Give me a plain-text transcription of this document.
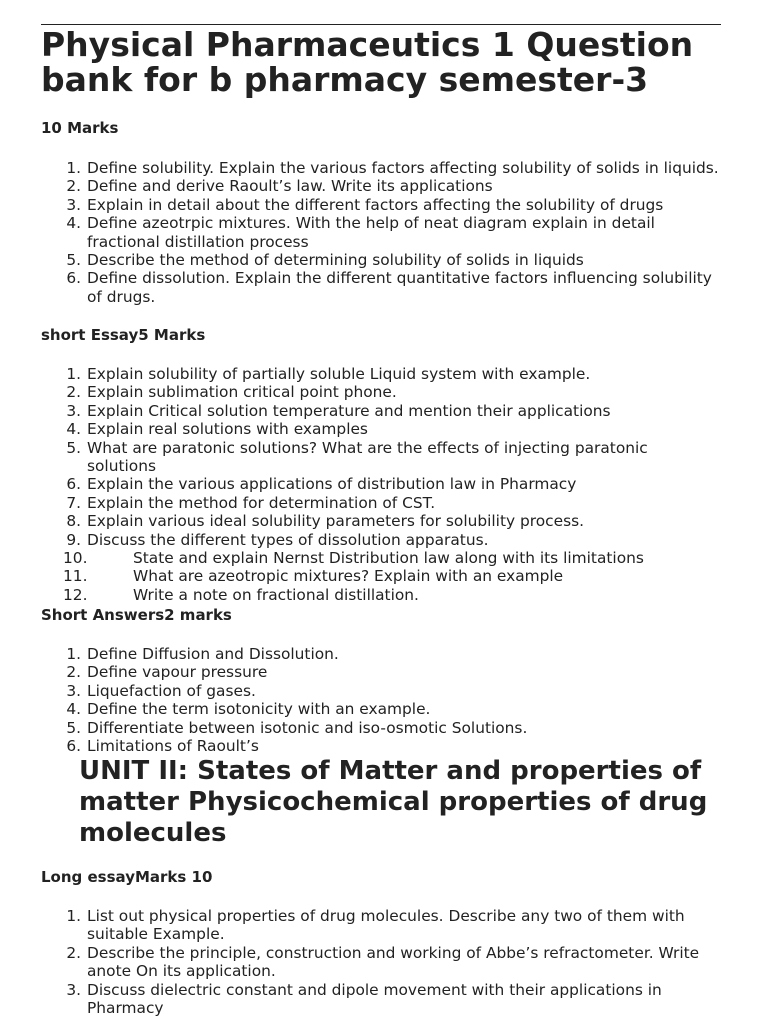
Physical Pharmaceutics 1 Question bank for b pharmacy semester-3
10 Marks
1. Define solubility. Explain the various factors affecting solubility of solids in liquids.
2. Define and derive Raoult’s law. Write its applications
3. Explain in detail about the different factors affecting the solubility of drugs
4. Define azeotrpic mixtures. With the help of neat diagram explain in detail fractional distillation process
5. Describe the method of determining solubility of solids in liquids
6. Define dissolution. Explain the different quantitative factors influencing solubility of drugs.
short Essay5 Marks
1. Explain solubility of partially soluble Liquid system with example.
2. Explain sublimation critical point phone.
3. Explain Critical solution temperature and mention their applications
4. Explain real solutions with examples
5. What are paratonic solutions? What are the effects of injecting paratonic solutions
6. Explain the various applications of distribution law in Pharmacy
7. Explain the method for determination of CST.
8. Explain various ideal solubility parameters for solubility process.
9. Discuss the different types of dissolution apparatus.
10.	State and explain Nernst Distribution law along with its limitations
11.	What are azeotropic mixtures? Explain with an example
12.	Write a note on fractional distillation.
Short Answers2 marks
1. Define Diffusion and Dissolution.
2. Define vapour pressure
3. Liquefaction of gases.
4. Define the term isotonicity with an example.
5. Differentiate between isotonic and iso-osmotic Solutions.
6. Limitations of Raoult’s
UNIT II: States of Matter and properties of matter Physicochemical properties of drug molecules
Long essayMarks 10
1. List out physical properties of drug molecules. Describe any two of them with suitable Example.
2. Describe the principle, construction and working of Abbe’s refractometer. Write anote On its application.
3. Discuss dielectric constant and dipole movement with their applications in Pharmacy
